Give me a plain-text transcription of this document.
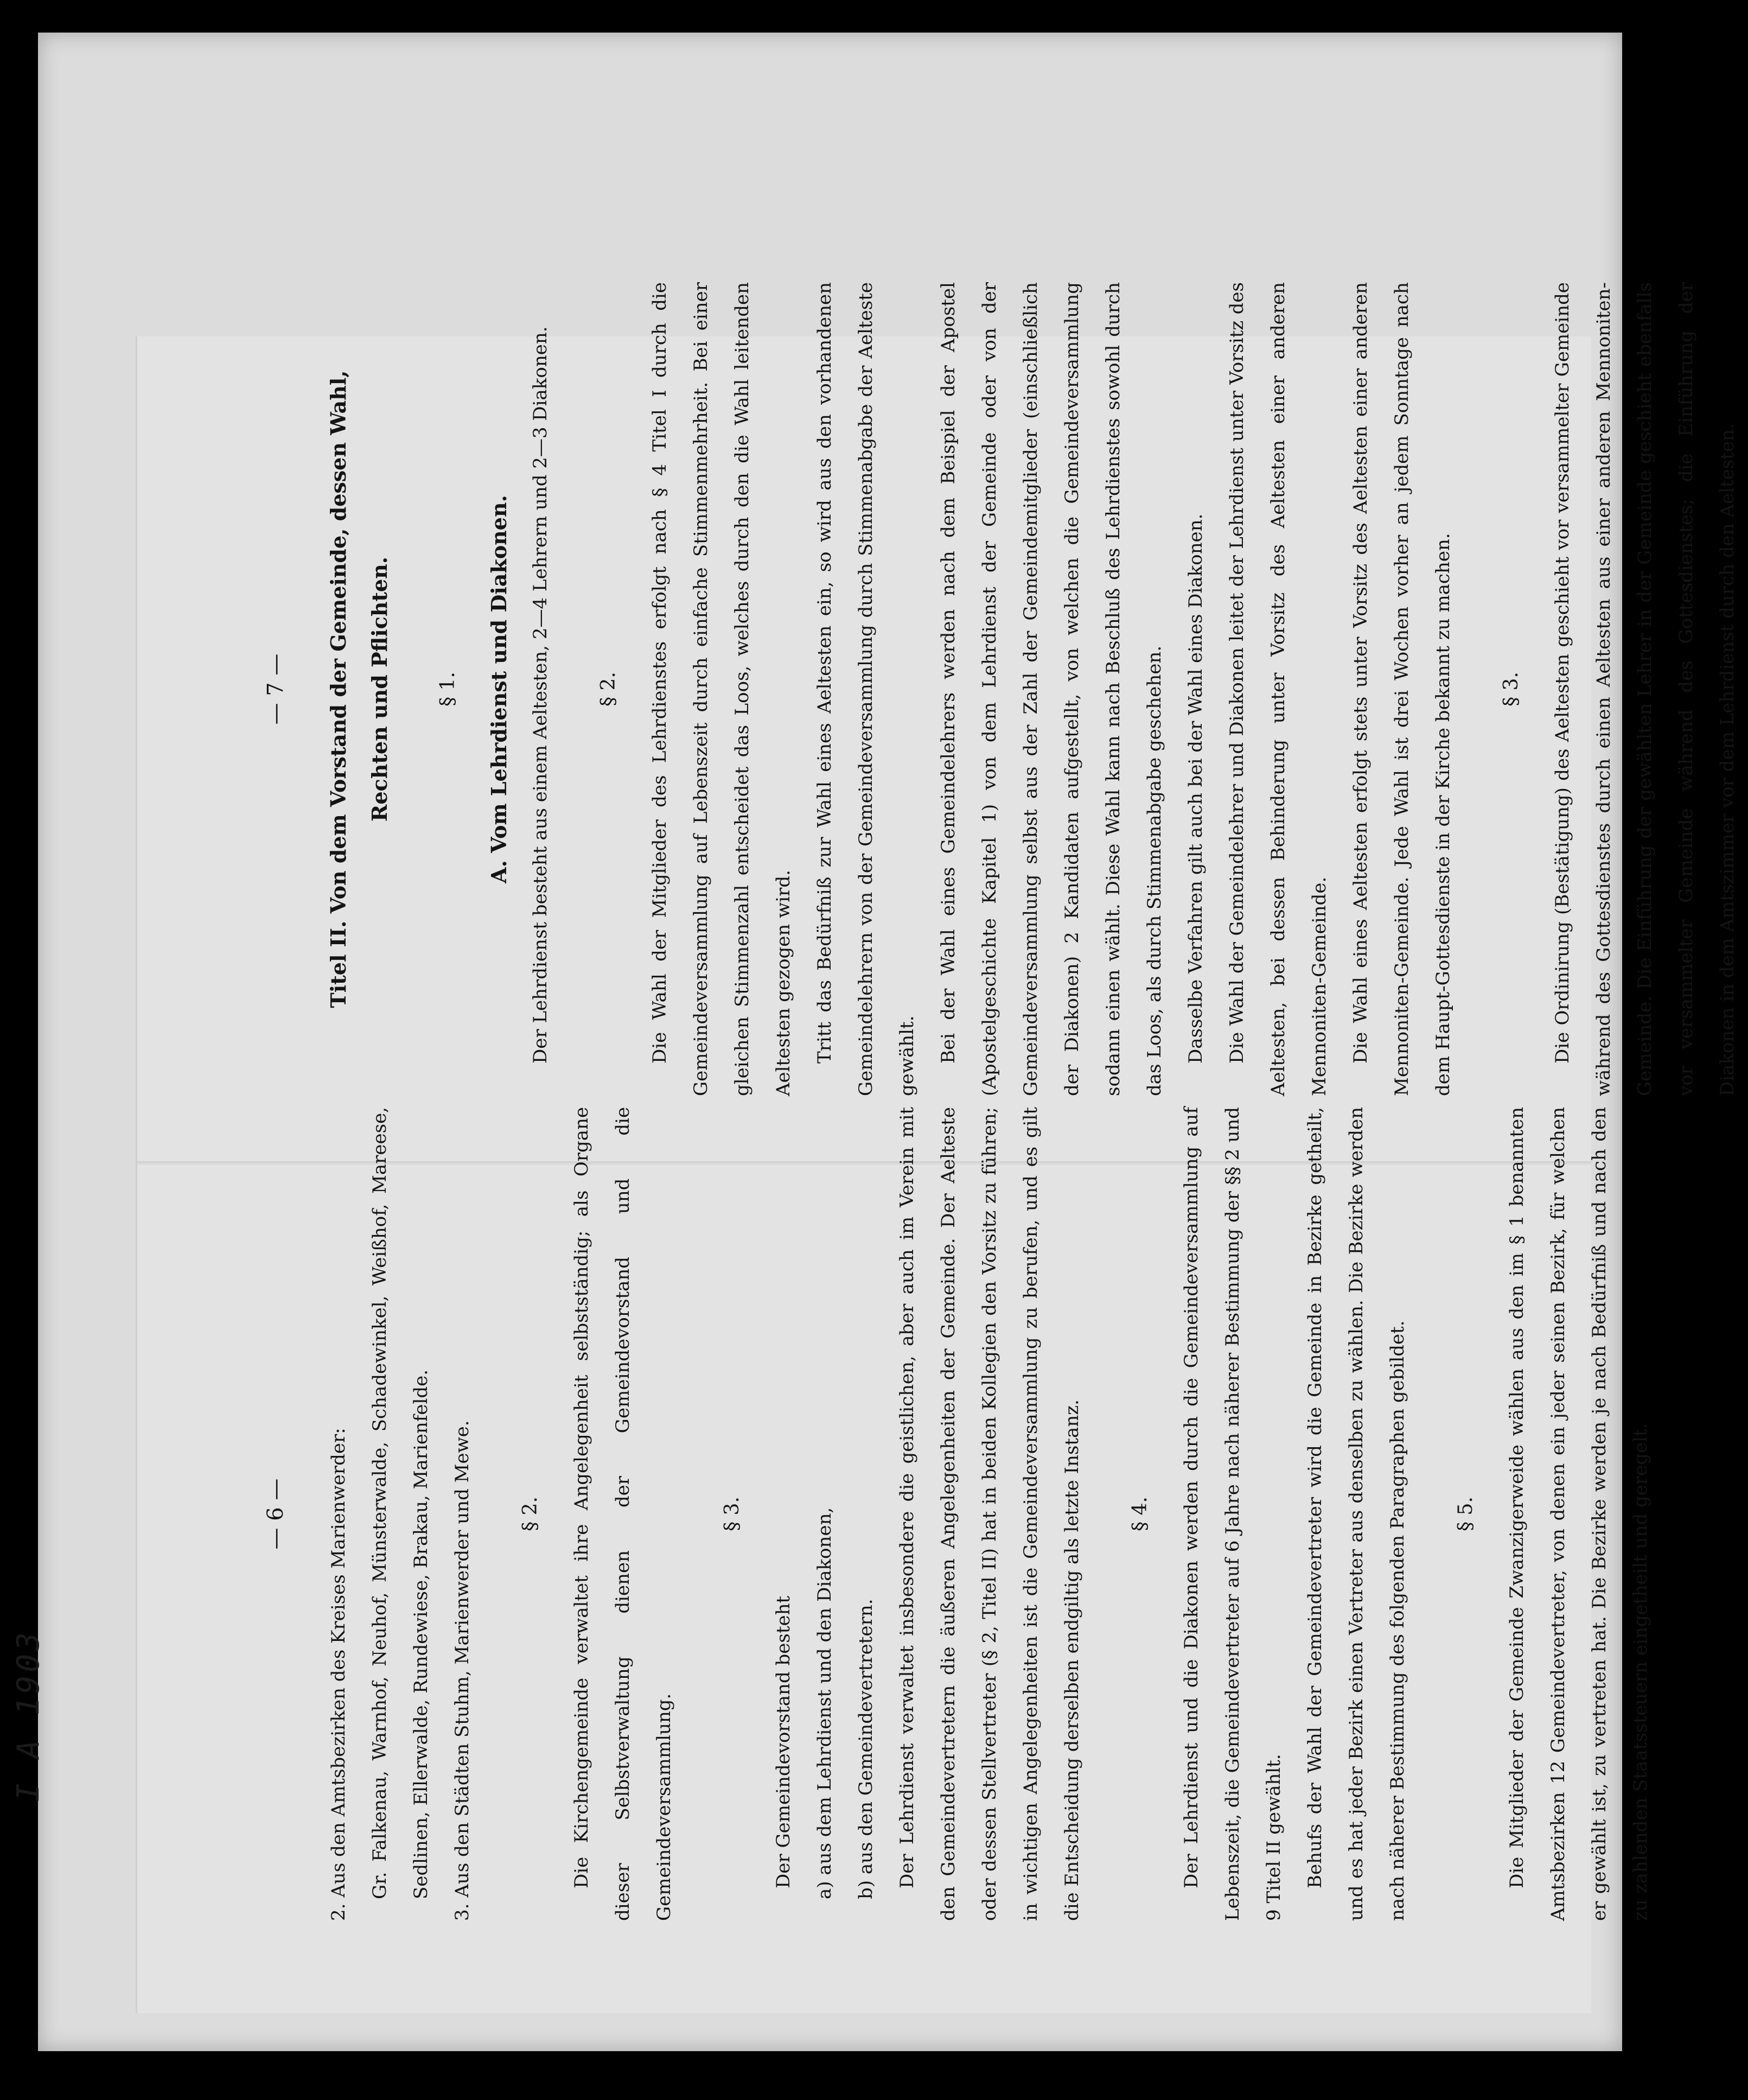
I A 1903
— 6 —	2. Aus den Amtsbezirken des Kreises Marienwerder:	Gr. Falkenau, Warnhof, Neuhof, Münsterwalde, Schadewinkel, Weißhof, Mareese, Sedlinen, Ellerwalde, Rundewiese, Brakau, Marienfelde.	3. Aus den Städten Stuhm, Marienwerder und Mewe.	§ 2.	Die Kirchengemeinde verwaltet ihre Angelegenheit selbstständig; als Organe dieser Selbstverwaltung dienen der Gemeindevorstand und die Gemeindeversammlung.

§ 3.

Der Gemeindevorstand besteht	a) aus dem Lehrdienst und den Diakonen,	b) aus den Gemeindevertretern.	Der Lehrdienst verwaltet insbesondere die geistlichen, aber auch im Verein mit den Gemeindevertretern die äußeren Angelegenheiten der Gemeinde. Der Aelteste oder dessen Stellvertreter (§ 2, Titel II) hat in beiden Kollegien den Vorsitz zu führen; in wichtigen Angelegenheiten ist die Gemeindeversammlung zu berufen, und es gilt die Entscheidung derselben endgiltig als letzte Instanz.	§ 4.	Der Lehrdienst und die Diakonen werden durch die Gemeindeversammlung auf Lebenszeit, die Gemeindevertreter auf 6 Jahre nach näherer Bestimmung der §§ 2 und 9 Titel II gewählt.	Behufs der Wahl der Gemeindevertreter wird die Gemeinde in Bezirke getheilt, und es hat jeder Bezirk einen Vertreter aus denselben zu wählen. Die Bezirke werden nach näherer Bestimmung des folgenden Paragraphen gebildet.	§ 5.	Die Mitglieder der Gemeinde Zwanzigerweide wählen aus den im § 1 benannten Amtsbezirken 12 Gemeindevertreter, von denen ein jeder seinen Bezirk, für welchen er gewählt ist, zu vertreten hat. Die Bezirke werden je nach Bedürfniß und nach den zu zahlenden Staatssteuern eingetheilt und geregelt.

— 7 —	Titel II. Von dem Vorstand der Gemeinde, dessen Wahl, Rechten und Pflichten.	§ 1.	A. Vom Lehrdienst und Diakonen.	Der Lehrdienst besteht aus einem Aeltesten, 2—4 Lehrern und 2—3 Diakonen.	§ 2.	Die Wahl der Mitglieder des Lehrdienstes erfolgt nach § 4 Titel I durch die Gemeindeversammlung auf Lebenszeit durch einfache Stimmenmehrheit. Bei einer gleichen Stimmenzahl entscheidet das Loos, welches durch den die Wahl leitenden Aeltesten gezogen wird.	Tritt das Bedürfniß zur Wahl eines Aeltesten ein, so wird aus den vorhandenen Gemeindelehrern von der Gemeindeversammlung durch Stimmenabgabe der Aelteste gewählt.	Bei der Wahl eines Gemeindelehrers werden nach dem Beispiel der Apostel (Apostelgeschichte Kapitel 1) von dem Lehrdienst der Gemeinde oder von der Gemeindeversammlung selbst aus der Zahl der Gemeindemitglieder (einschließlich der Diakonen) 2 Kandidaten aufgestellt, von welchen die Gemeindeversammlung sodann einen wählt. Diese Wahl kann nach Beschluß des Lehrdienstes sowohl durch das Loos, als durch Stimmenabgabe geschehen.	Dasselbe Verfahren gilt auch bei der Wahl eines Diakonen.	Die Wahl der Gemeindelehrer und Diakonen leitet der Lehrdienst unter Vorsitz des Aeltesten, bei dessen Behinderung unter Vorsitz des Aeltesten einer anderen Mennoniten-Gemeinde.	Die Wahl eines Aeltesten erfolgt stets unter Vorsitz des Aeltesten einer anderen Mennoniten-Gemeinde. Jede Wahl ist drei Wochen vorher an jedem Sonntage nach dem Haupt-Gottesdienste in der Kirche bekannt zu machen.	§ 3.	Die Ordinirung (Bestätigung) des Aeltesten geschieht vor versammelter Gemeinde während des Gottesdienstes durch einen Aeltesten aus einer anderen Mennoniten-Gemeinde. Die Einführung der gewählten Lehrer in der Gemeinde geschieht ebenfalls vor versammelter Gemeinde während des Gottesdienstes; die Einführung der Diakonen in dem Amtszimmer vor dem Lehrdienst durch den Aeltesten.
